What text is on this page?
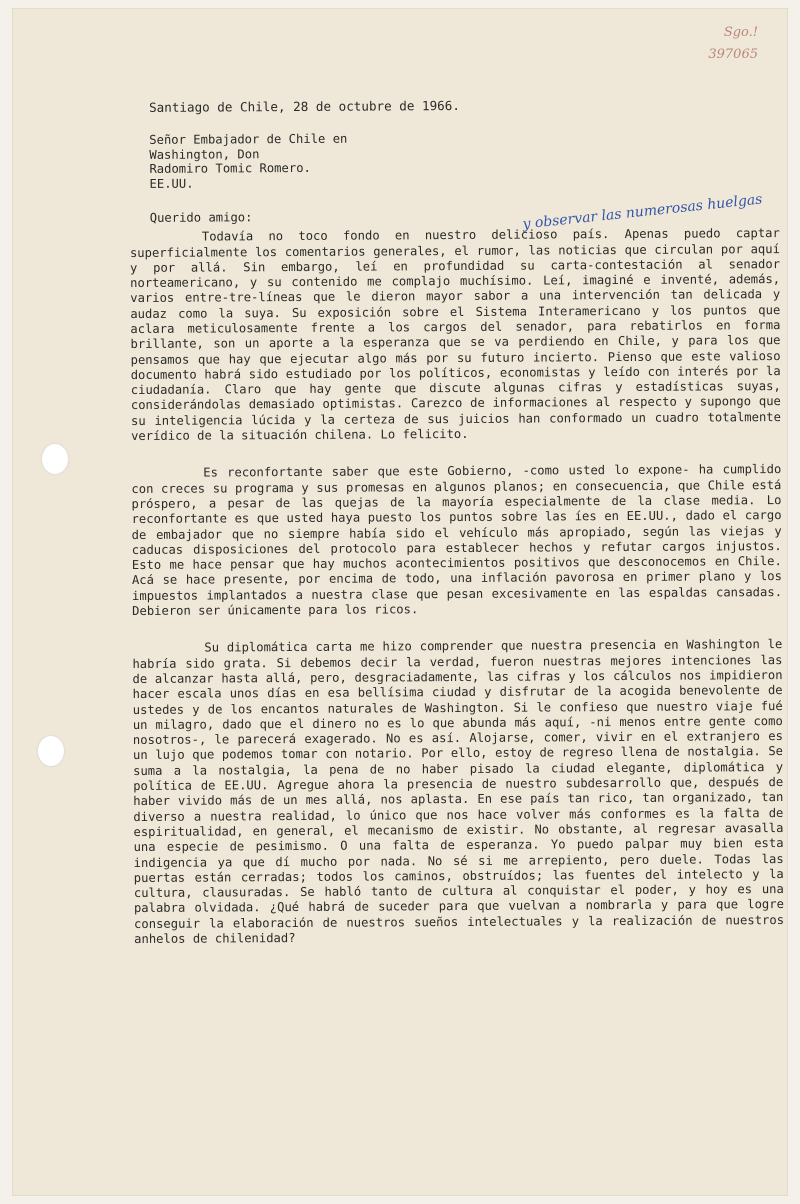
Sgo.!
397065
y observar las numerosas huelgas
Santiago de Chile, 28 de octubre de 1966.
Señor Embajador de Chile en
Washington, Don
Radomiro Tomic Romero.
EE.UU.
Querido amigo:

Todavía no toco fondo en nuestro delicioso país. Apenas puedo captar superficialmente los comentarios generales, el rumor, las noticias que circulan por aquí y por allá. Sin embargo, leí en profundidad su carta-contestación al senador norteamericano, y su contenido me complajo muchísimo. Leí, imaginé e inventé, además, varios entre-tre-líneas que le dieron mayor sabor a una intervención tan delicada y audaz como la suya. Su exposición sobre el Sistema Interamericano y los puntos que aclara meticulosamente frente a los cargos del senador, para rebatirlos en forma brillante, son un aporte a la esperanza que se va perdiendo en Chile, y para los que pensamos que hay que ejecutar algo más por su futuro incierto. Pienso que este valioso documento habrá sido estudiado por los políticos, economistas y leído con interés por la ciudadanía. Claro que hay gente que discute algunas cifras y estadísticas suyas, considerándolas demasiado optimistas. Carezco de informaciones al respecto y supongo que su inteligencia lúcida y la certeza de sus juicios han conformado un cuadro totalmente verídico de la situación chilena. Lo felicito.

Es reconfortante saber que este Gobierno, -como usted lo expone- ha cumplido con creces su programa y sus promesas en algunos planos; en consecuencia, que Chile está próspero, a pesar de las quejas de la mayoría especialmente de la clase media. Lo reconfortante es que usted haya puesto los puntos sobre las íes en EE.UU., dado el cargo de embajador que no siempre había sido el vehículo más apropiado, según las viejas y caducas disposiciones del protocolo para establecer hechos y refutar cargos injustos. Esto me hace pensar que hay muchos acontecimientos positivos que desconocemos en Chile. Acá se hace presente, por encima de todo, una inflación pavorosa en primer plano y los impuestos implantados a nuestra clase que pesan excesivamente en las espaldas cansadas. Debieron ser únicamente para los ricos.

Su diplomática carta me hizo comprender que nuestra presencia en Washington le habría sido grata. Si debemos decir la verdad, fueron nuestras mejores intenciones las de alcanzar hasta allá, pero, desgraciadamente, las cifras y los cálculos nos impidieron hacer escala unos días en esa bellísima ciudad y disfrutar de la acogida benevolente de ustedes y de los encantos naturales de Washington. Si le confieso que nuestro viaje fué un milagro, dado que el dinero no es lo que abunda más aquí, -ni menos entre gente como nosotros-, le parecerá exagerado. No es así. Alojarse, comer, vivir en el extranjero es un lujo que podemos tomar con notario. Por ello, estoy de regreso llena de nostalgia. Se suma a la nostalgia, la pena de no haber pisado la ciudad elegante, diplomática y política de EE.UU. Agregue ahora la presencia de nuestro subdesarrollo que, después de haber vivido más de un mes allá, nos aplasta. En ese país tan rico, tan organizado, tan diverso a nuestra realidad, lo único que nos hace volver más conformes es la falta de espiritualidad, en general, el mecanismo de existir. No obstante, al regresar avasalla una especie de pesimismo. O una falta de esperanza. Yo puedo palpar muy bien esta indigencia ya que dí mucho por nada. No sé si me arrepiento, pero duele. Todas las puertas están cerradas; todos los caminos, obstruídos; las fuentes del intelecto y la cultura, clausuradas. Se habló tanto de cultura al conquistar el poder, y hoy es una palabra olvidada. ¿Qué habrá de suceder para que vuelvan a nombrarla y para que logre conseguir la elaboración de nuestros sueños intelectuales y la realización de nuestros anhelos de chilenidad?
